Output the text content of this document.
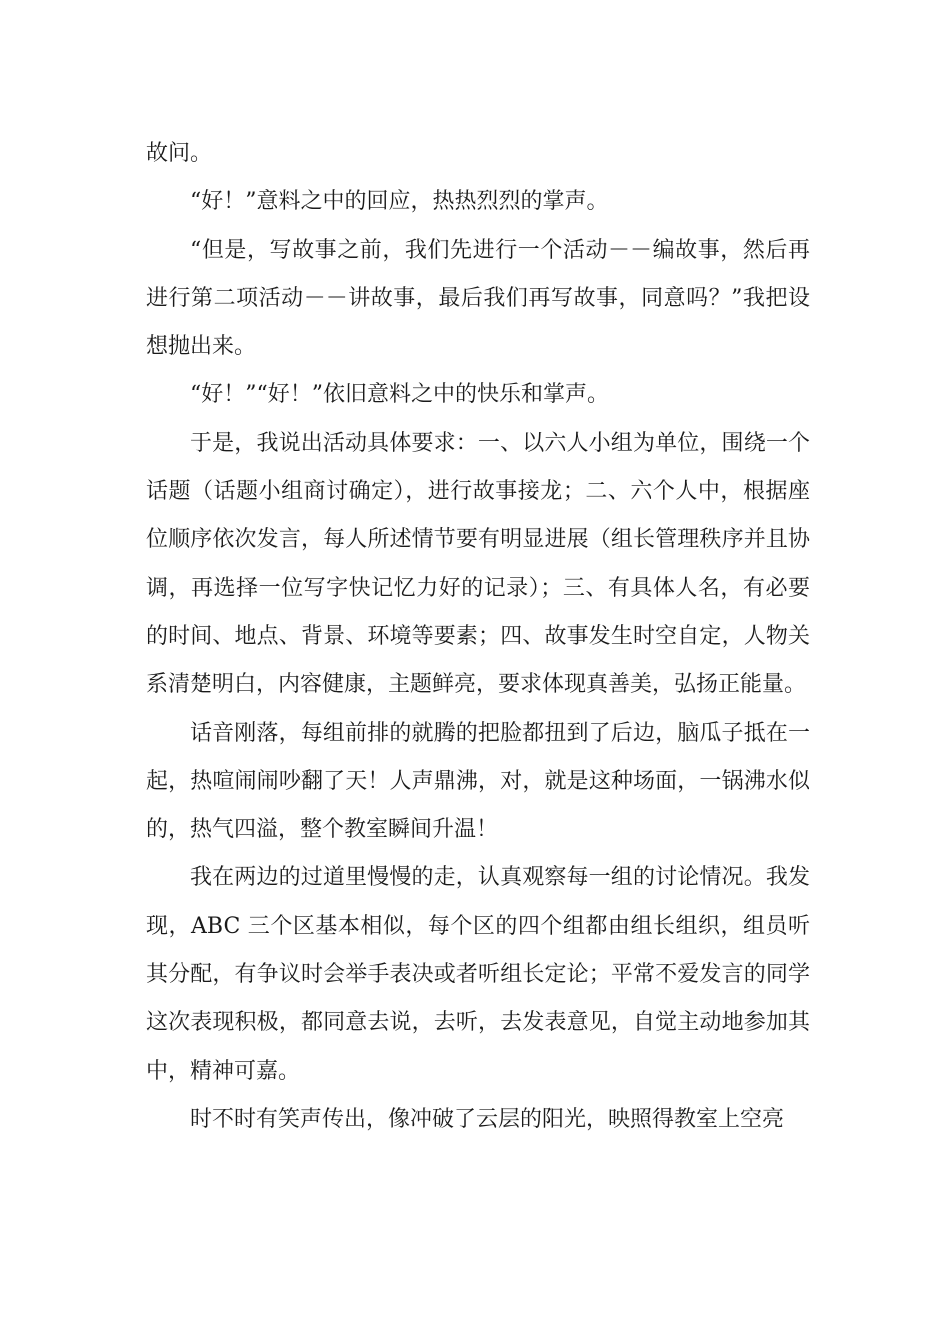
故问。

“好！”意料之中的回应，热热烈烈的掌声。

“但是，写故事之前，我们先进行一个活动－－编故事，然后再进行第二项活动－－讲故事，最后我们再写故事，同意吗？”我把设想抛出来。

“好！”“好！”依旧意料之中的快乐和掌声。

于是，我说出活动具体要求：一、以六人小组为单位，围绕一个话题（话题小组商讨确定），进行故事接龙；二、六个人中，根据座位顺序依次发言，每人所述情节要有明显进展（组长管理秩序并且协调，再选择一位写字快记忆力好的记录）；三、有具体人名，有必要的时间、地点、背景、环境等要素；四、故事发生时空自定，人物关系清楚明白，内容健康，主题鲜亮，要求体现真善美，弘扬正能量。

话音刚落，每组前排的就腾的把脸都扭到了后边，脑瓜子抵在一起，热喧闹闹吵翻了天！人声鼎沸，对，就是这种场面，一锅沸水似的，热气四溢，整个教室瞬间升温！

我在两边的过道里慢慢的走，认真观察每一组的讨论情况。我发现，ABC 三个区基本相似，每个区的四个组都由组长组织，组员听其分配，有争议时会举手表决或者听组长定论；平常不爱发言的同学这次表现积极，都同意去说，去听，去发表意见，自觉主动地参加其中，精神可嘉。

时不时有笑声传出，像冲破了云层的阳光，映照得教室上空亮
